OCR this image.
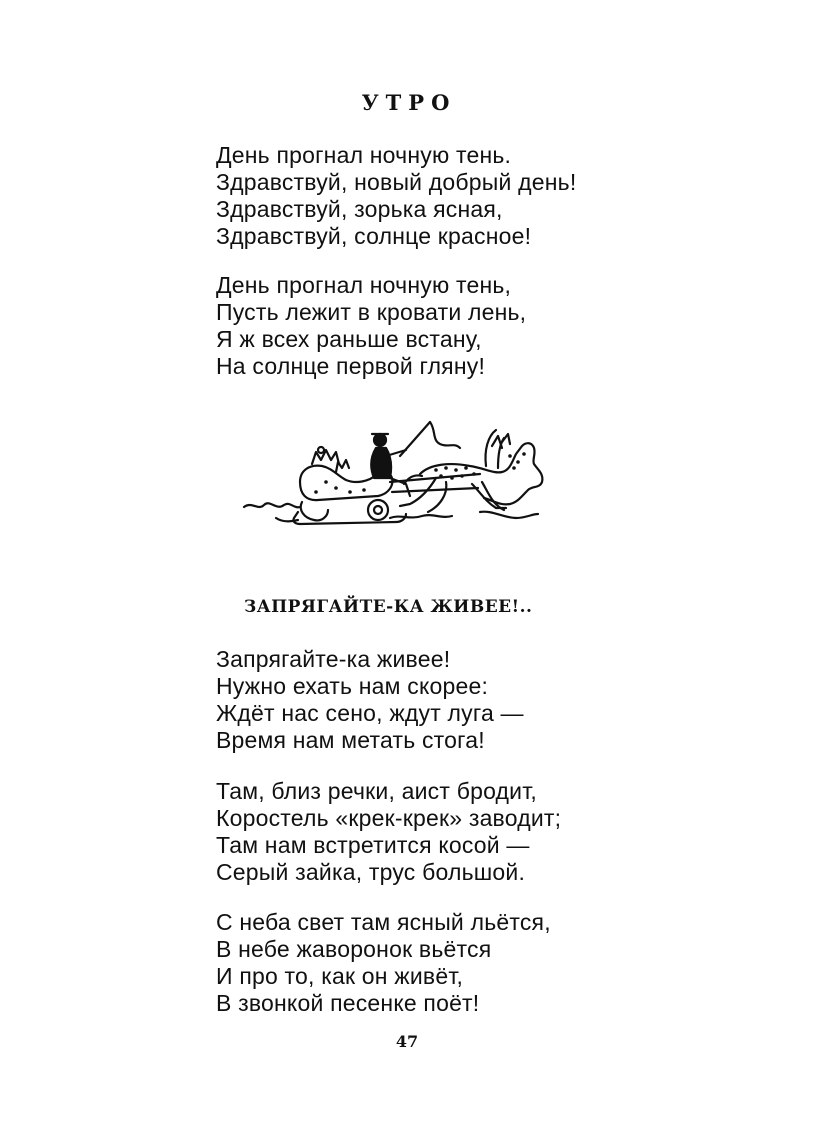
УТРО
День прогнал ночную тень.
Здравствуй, новый добрый день!
Здравствуй, зорька ясная,
Здравствуй, солнце красное!
День прогнал ночную тень,
Пусть лежит в кровати лень,
Я ж всех раньше встану,
На солнце первой гляну!
ЗАПРЯГАЙТЕ-КА ЖИВЕЕ!..
Запрягайте-ка живее!
Нужно ехать нам скорее:
Ждёт нас сено, ждут луга —
Время нам метать стога!
Там, близ речки, аист бродит,
Коростель «крек-крек» заводит;
Там нам встретится косой —
Серый зайка, трус большой.
С неба свет там ясный льётся,
В небе жаворонок вьётся
И про то, как он живёт,
В звонкой песенке поёт!
47
